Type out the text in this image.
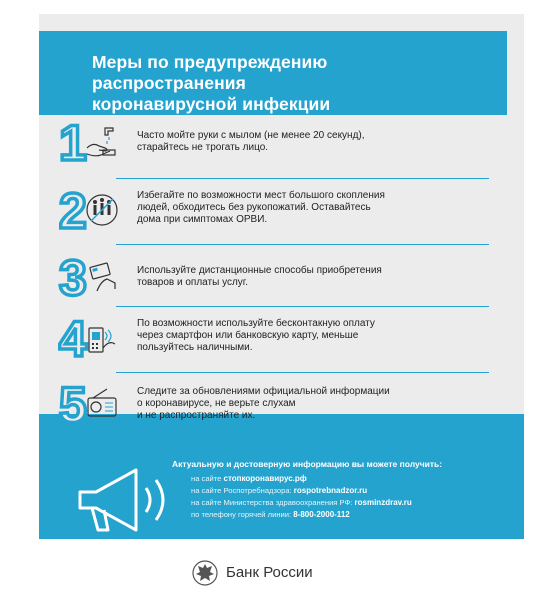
Меры по предупреждению
распространения
коронавирусной инфекции
1	Часто мойте руки с мылом (не менее 20 секунд),
старайтесь не трогать лицо.
2	Избегайте по возможности мест большого скопления
людей, обходитесь без рукопожатий. Оставайтесь
дома при симптомах ОРВИ.
3	Используйте дистанционные способы приобретения
товаров и оплаты услуг.
4	По возможности используйте бесконтакную оплату
через смартфон или банковскую карту, меньше
пользуйтесь наличными.
5	Следите за обновлениями официальной информации
о коронавирусе, не верьте слухам
и не распространяйте их.
Актуальную и достоверную информацию вы можете получить:
на сайте стопкоронавирус.рф
на сайте Роспотребнадзора: rospotrebnadzor.ru
на сайте Министерства здравоохранения РФ: rosminzdrav.ru
по телефону горячей линии: 8-800-2000-112
Банк России
